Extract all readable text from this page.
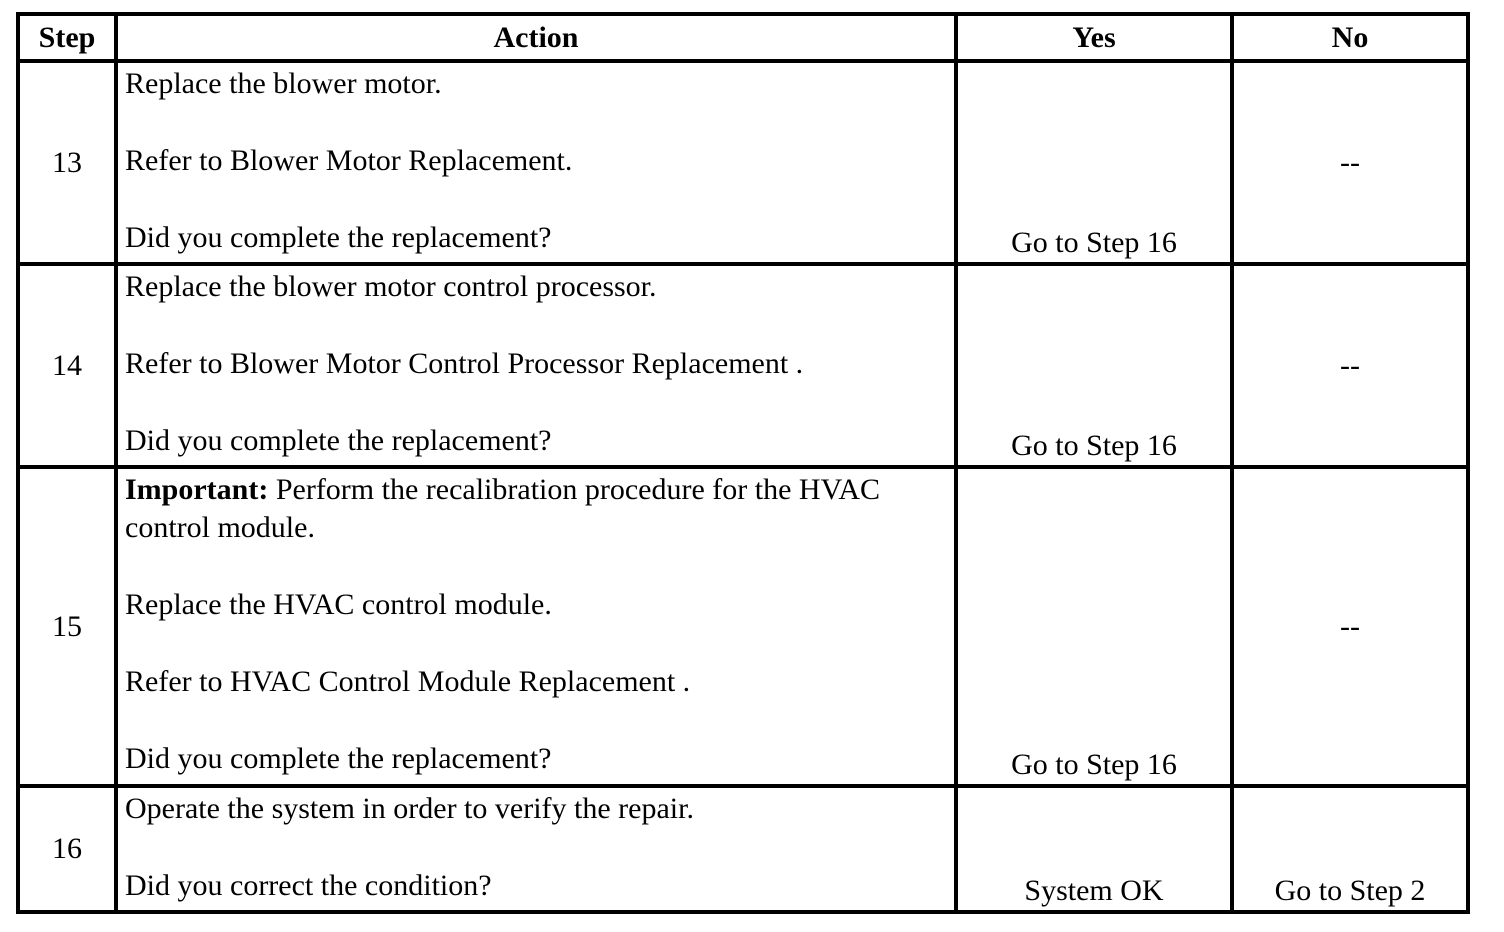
Step	Action	Yes	No
13	Replace the blower motor.
Refer to Blower Motor Replacement.
Did you complete the replacement?	Go to Step 16	--
14	Replace the blower motor control processor.
Refer to Blower Motor Control Processor Replacement .
Did you complete the replacement?	Go to Step 16	--
15	Important: Perform the recalibration procedure for the HVAC control module.
Replace the HVAC control module.
Refer to HVAC Control Module Replacement .
Did you complete the replacement?	Go to Step 16	--
16	Operate the system in order to verify the repair.
Did you correct the condition?	System OK	Go to Step 2
